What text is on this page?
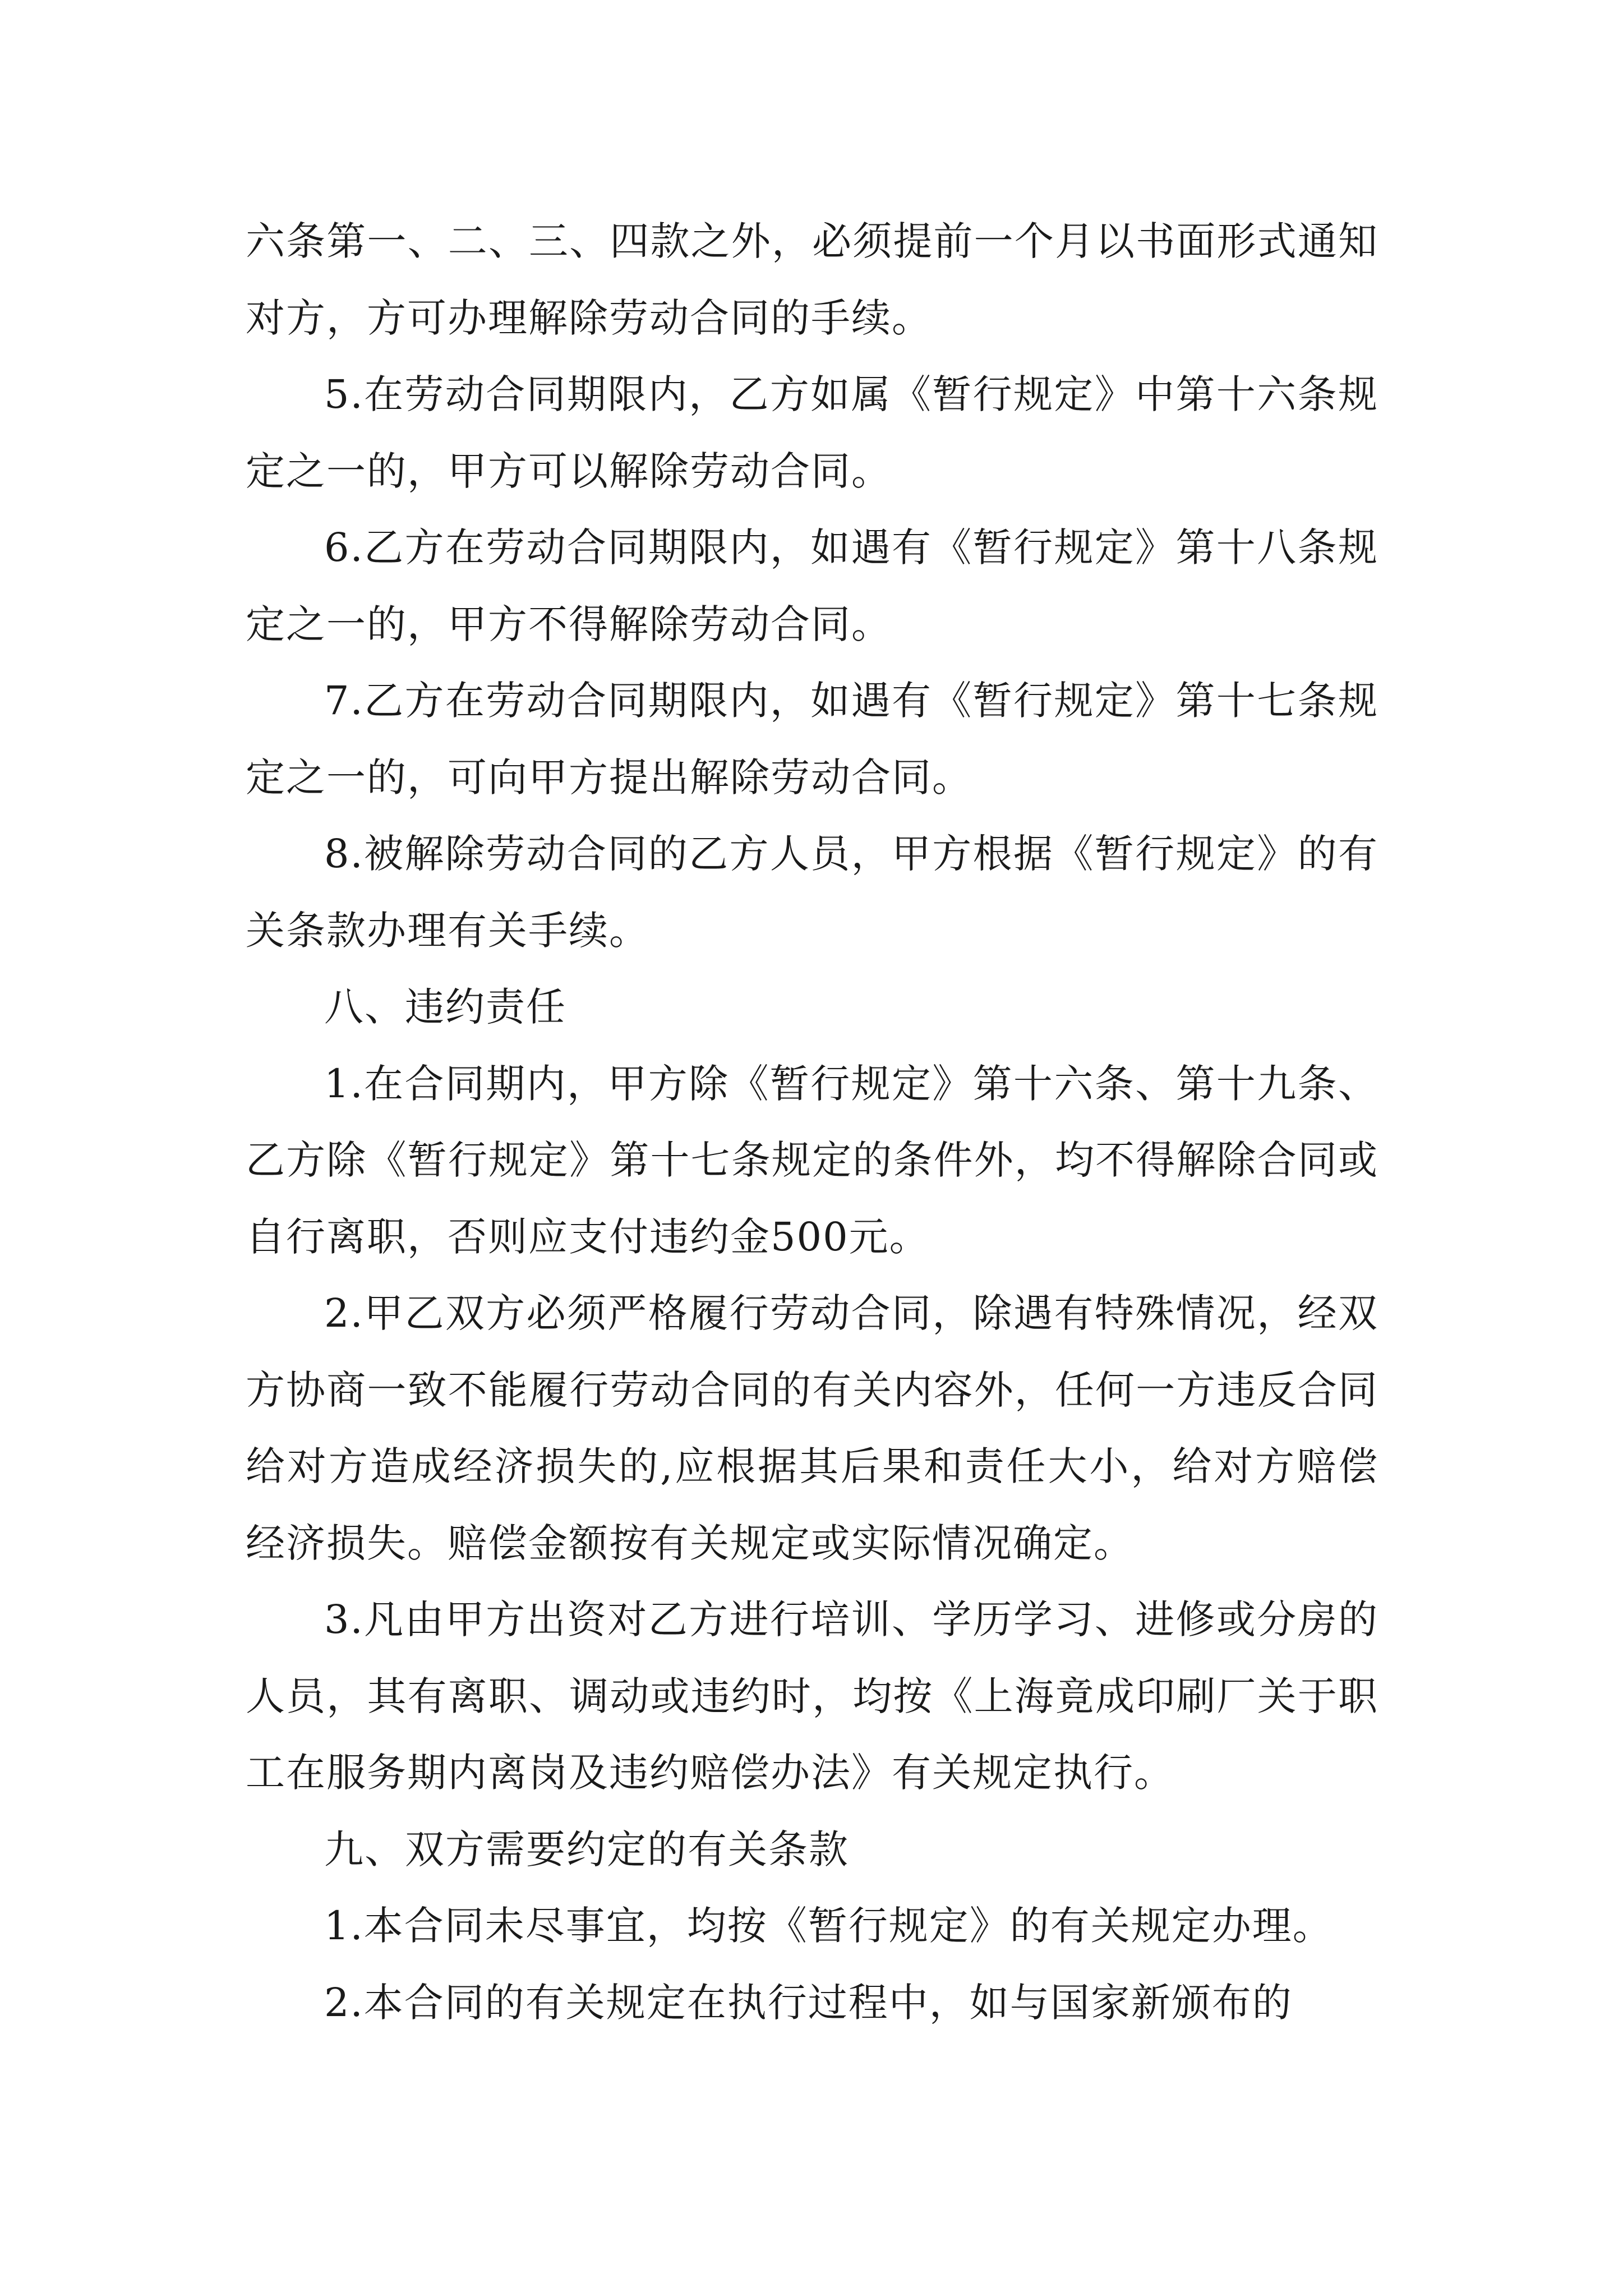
六条第一、二、三、四款之外，必须提前一个月以书面形式通知对方，方可办理解除劳动合同的手续。

5.在劳动合同期限内，乙方如属《暂行规定》中第十六条规定之一的，甲方可以解除劳动合同。

6.乙方在劳动合同期限内，如遇有《暂行规定》第十八条规定之一的，甲方不得解除劳动合同。

7.乙方在劳动合同期限内，如遇有《暂行规定》第十七条规定之一的，可向甲方提出解除劳动合同。

8.被解除劳动合同的乙方人员，甲方根据《暂行规定》的有关条款办理有关手续。

八、违约责任

1.在合同期内，甲方除《暂行规定》第十六条、第十九条、乙方除《暂行规定》第十七条规定的条件外，均不得解除合同或自行离职，否则应支付违约金500元。

2.甲乙双方必须严格履行劳动合同，除遇有特殊情况，经双方协商一致不能履行劳动合同的有关内容外，任何一方违反合同给对方造成经济损失的,应根据其后果和责任大小，给对方赔偿经济损失。赔偿金额按有关规定或实际情况确定。

3.凡由甲方出资对乙方进行培训、学历学习、进修或分房的人员，其有离职、调动或违约时，均按《上海竟成印刷厂关于职工在服务期内离岗及违约赔偿办法》有关规定执行。

九、双方需要约定的有关条款

1.本合同未尽事宜，均按《暂行规定》的有关规定办理。

2.本合同的有关规定在执行过程中，如与国家新颁布的
